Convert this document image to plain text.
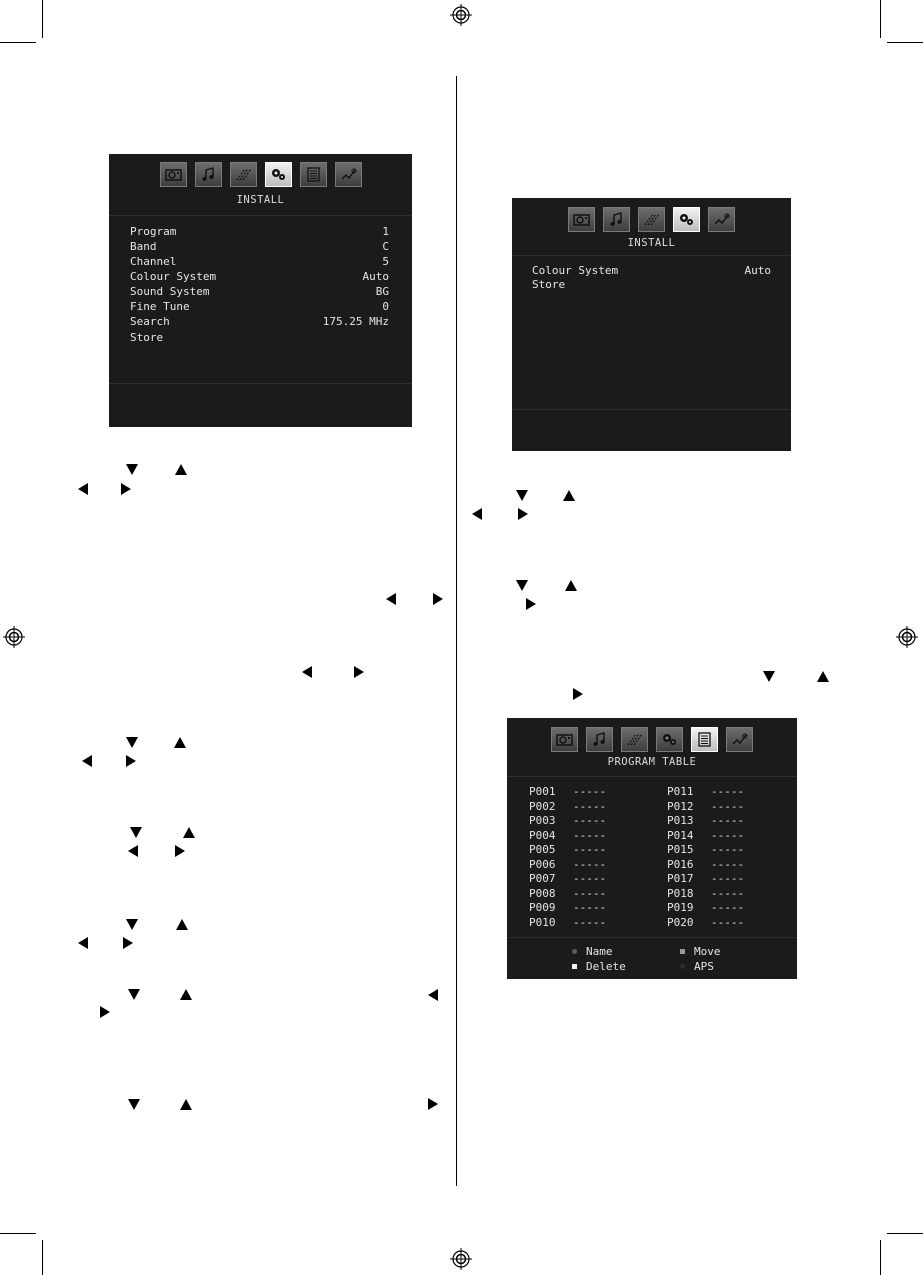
INSTALL
Program	1
Band	C
Channel	5
Colour System	Auto
Sound System	BG
Fine Tune	0
Search	175.25 MHz
Store
INSTALL
Colour System	Auto
Store
PROGRAM TABLE
P001 -----
P002 -----
P003 -----
P004 -----
P005 -----
P006 -----
P007 -----
P008 -----
P009 -----
P010 -----
P011 -----
P012 -----
P013 -----
P014 -----
P015 -----
P016 -----
P017 -----
P018 -----
P019 -----
P020 -----
Name	Move
Delete	APS
